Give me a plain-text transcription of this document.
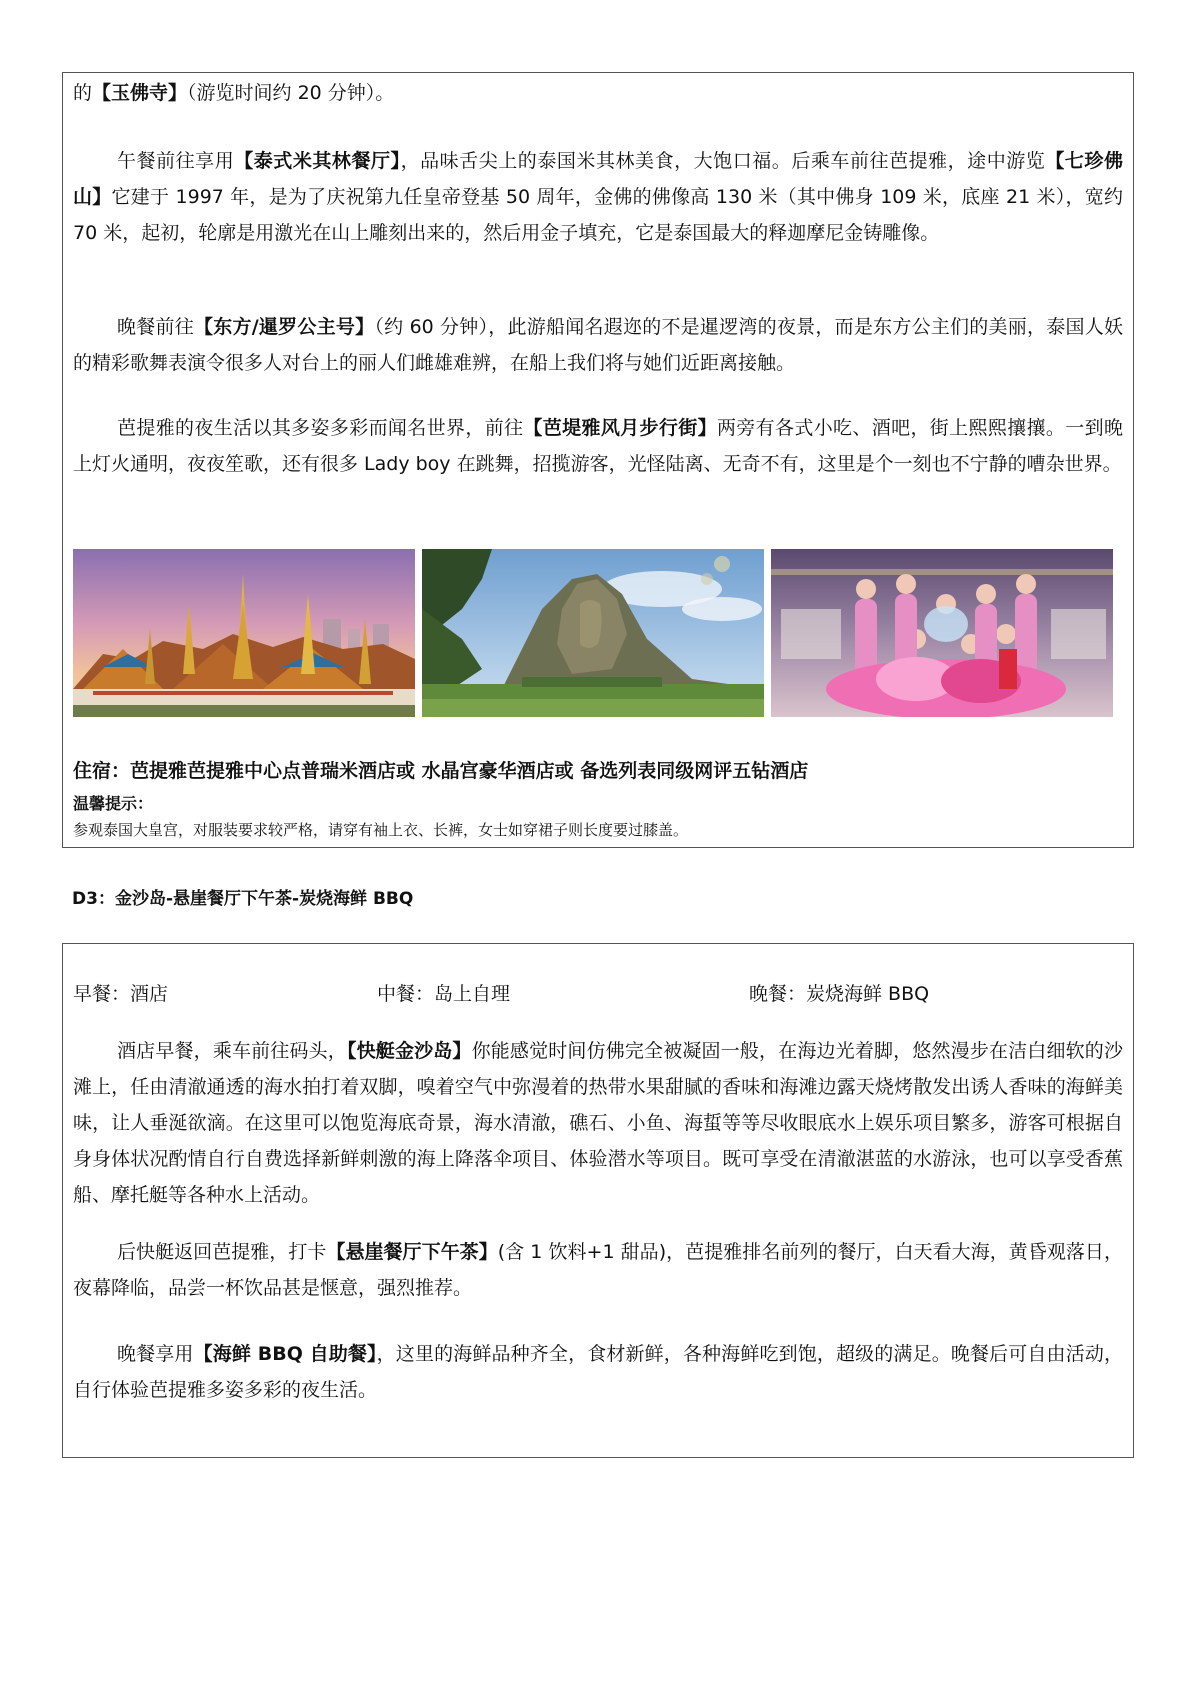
的【玉佛寺】（游览时间约 20 分钟）。

午餐前往享用【泰式米其林餐厅】，品味舌尖上的泰国米其林美食，大饱口福。后乘车前往芭提雅，途中游览【七珍佛山】它建于 1997 年，是为了庆祝第九任皇帝登基 50 周年，金佛的佛像高 130 米（其中佛身 109 米，底座 21 米），宽约 70 米，起初，轮廓是用激光在山上雕刻出来的，然后用金子填充，它是泰国最大的释迦摩尼金铸雕像。

晚餐前往【东方/暹罗公主号】（约 60 分钟），此游船闻名遐迩的不是暹逻湾的夜景，而是东方公主们的美丽，泰国人妖的精彩歌舞表演令很多人对台上的丽人们雌雄难辨，在船上我们将与她们近距离接触。

芭提雅的夜生活以其多姿多彩而闻名世界，前往【芭堤雅风月步行街】两旁有各式小吃、酒吧，街上熙熙攘攘。一到晚上灯火通明，夜夜笙歌，还有很多 Lady boy 在跳舞，招揽游客，光怪陆离、无奇不有，这里是个一刻也不宁静的嘈杂世界。

住宿：芭提雅芭提雅中心点普瑞米酒店或 水晶宫豪华酒店或 备选列表同级网评五钻酒店

温馨提示：

参观泰国大皇宫，对服装要求较严格，请穿有袖上衣、长裤，女士如穿裙子则长度要过膝盖。

D3：金沙岛-悬崖餐厅下午茶-炭烧海鲜 BBQ

早餐：酒店	中餐：岛上自理	晚餐：炭烧海鲜 BBQ

酒店早餐，乘车前往码头，【快艇金沙岛】你能感觉时间仿佛完全被凝固一般，在海边光着脚，悠然漫步在洁白细软的沙滩上，任由清澈通透的海水拍打着双脚，嗅着空气中弥漫着的热带水果甜腻的香味和海滩边露天烧烤散发出诱人香味的海鲜美味，让人垂涎欲滴。在这里可以饱览海底奇景，海水清澈，礁石、小鱼、海蜇等等尽收眼底水上娱乐项目繁多，游客可根据自身身体状况酌情自行自费选择新鲜刺激的海上降落伞项目、体验潜水等项目。既可享受在清澈湛蓝的水游泳，也可以享受香蕉船、摩托艇等各种水上活动。

后快艇返回芭提雅，打卡【悬崖餐厅下午茶】(含 1 饮料+1 甜品)，芭提雅排名前列的餐厅，白天看大海，黄昏观落日，夜幕降临，品尝一杯饮品甚是惬意，强烈推荐。

晚餐享用【海鲜 BBQ 自助餐】，这里的海鲜品种齐全，食材新鲜，各种海鲜吃到饱，超级的满足。晚餐后可自由活动，自行体验芭提雅多姿多彩的夜生活。
